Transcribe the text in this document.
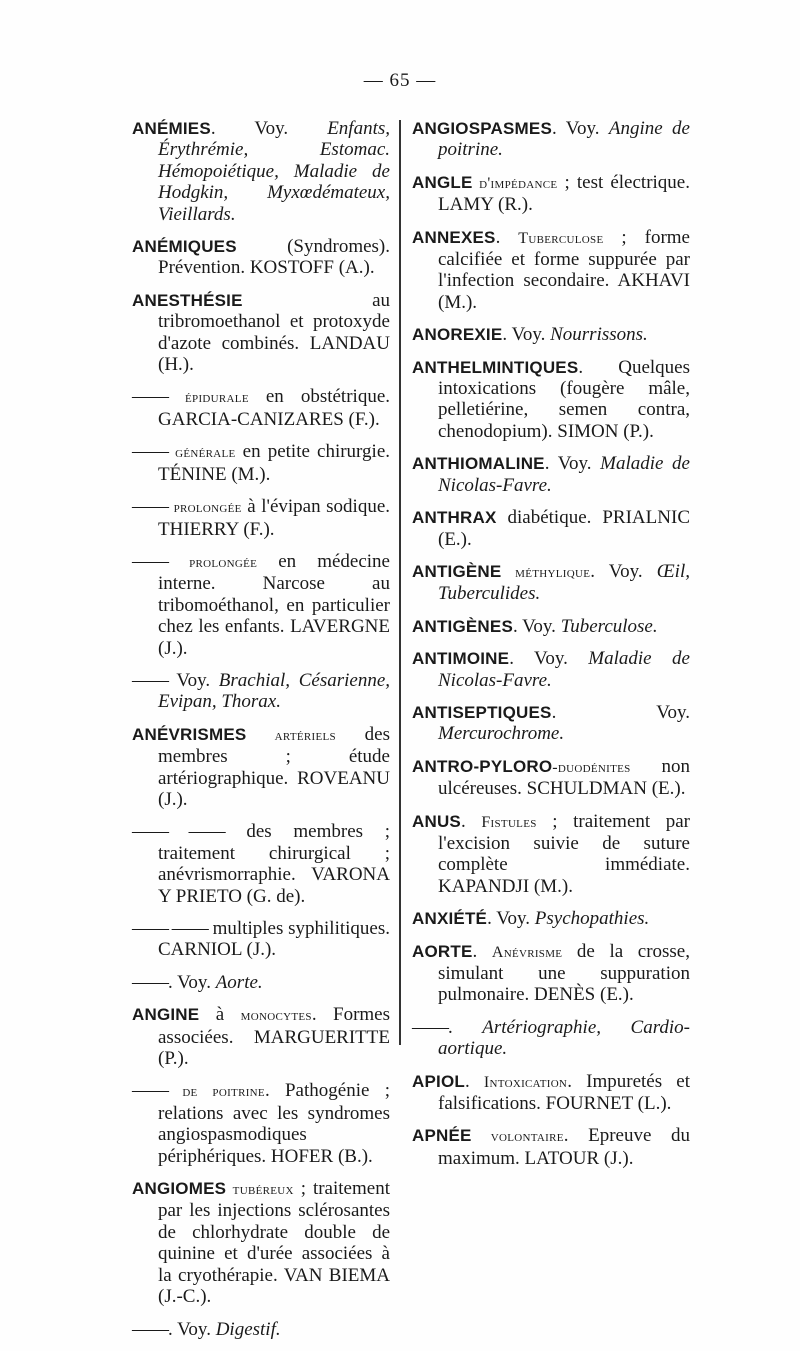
— 65 —

ANÉMIES. Voy. Enfants, Érythrémie, Estomac. Hémopoiétique, Maladie de Hodgkin, Myxœdémateux, Vieillards.

ANÉMIQUES (Syndromes). Prévention. KOSTOFF (A.).

ANESTHÉSIE au tribromoethanol et protoxyde d'azote combinés. LANDAU (H.).

—— épidurale en obstétrique. GARCIA-CANIZARES (F.).

—— générale en petite chirurgie. TÉNINE (M.).

—— prolongée à l'évipan sodique. THIERRY (F.).

—— prolongée en médecine interne. Narcose au tribomoéthanol, en particulier chez les enfants. LAVERGNE (J.).

—— Voy. Brachial, Césarienne, Evipan, Thorax.

ANÉVRISMES artériels des membres ; étude artériographique. ROVEANU (J.).

—— —— des membres ; traitement chirurgical ; anévrismorraphie. VARONA Y PRIETO (G. de).

—— —— multiples syphilitiques. CARNIOL (J.).

——. Voy. Aorte.

ANGINE à monocytes. Formes associées. MARGUERITTE (P.).

—— de poitrine. Pathogénie ; relations avec les syndromes angiospasmodiques périphériques. HOFER (B.).

ANGIOMES tubéreux ; traitement par les injections sclérosantes de chlorhydrate double de quinine et d'urée associées à la cryothérapie. VAN BIEMA (J.-C.).

——. Voy. Digestif.

ANGIOSPASMES. Voy. Angine de poitrine.

ANGLE d'impédance ; test électrique. LAMY (R.).

ANNEXES. Tuberculose ; forme calcifiée et forme suppurée par l'infection secondaire. AKHAVI (M.).

ANOREXIE. Voy. Nourrissons.

ANTHELMINTIQUES. Quelques intoxications (fougère mâle, pelletiérine, semen contra, chenodopium). SIMON (P.).

ANTHIOMALINE. Voy. Maladie de Nicolas-Favre.

ANTHRAX diabétique. PRIALNIC (E.).

ANTIGÈNE méthylique. Voy. Œil, Tuberculides.

ANTIGÈNES. Voy. Tuberculose.

ANTIMOINE. Voy. Maladie de Nicolas-Favre.

ANTISEPTIQUES. Voy. Mercurochrome.

ANTRO-PYLORO-duodénites non ulcéreuses. SCHULDMAN (E.).

ANUS. Fistules ; traitement par l'excision suivie de suture complète immédiate. KAPANDJI (M.).

ANXIÉTÉ. Voy. Psychopathies.

AORTE. Anévrisme de la crosse, simulant une suppuration pulmonaire. DENÈS (E.).

——. Artériographie, Cardio-aortique.

APIOL. Intoxication. Impuretés et falsifications. FOURNET (L.).

APNÉE volontaire. Epreuve du maximum. LATOUR (J.).
